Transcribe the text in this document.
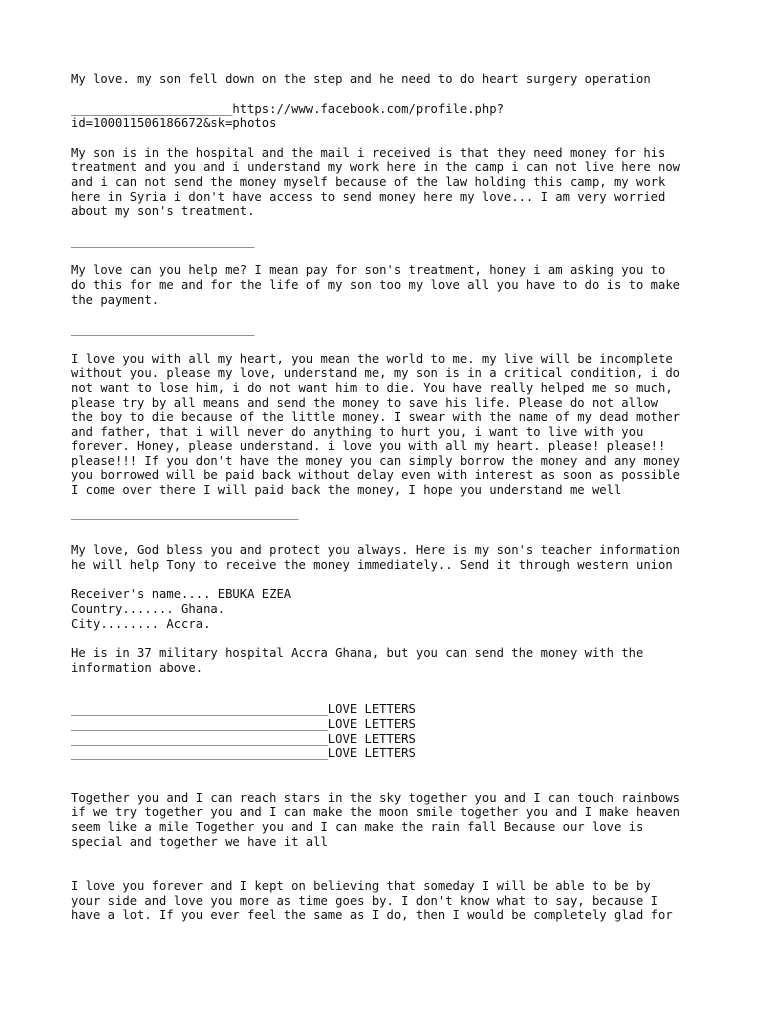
My love. my son fell down on the step and he need to do heart surgery operation

______________________https://www.facebook.com/profile.php?
id=100011506186672&sk=photos

My son is in the hospital and the mail i received is that they need money for his
treatment and you and i understand my work here in the camp i can not live here now
and i can not send the money myself because of the law holding this camp, my work
here in Syria i don't have access to send money here my love... I am very worried
about my son's treatment.

_________________________

My love can you help me? I mean pay for son's treatment, honey i am asking you to
do this for me and for the life of my son too my love all you have to do is to make
the payment.

_________________________

I love you with all my heart, you mean the world to me. my live will be incomplete
without you. please my love, understand me, my son is in a critical condition, i do
not want to lose him, i do not want him to die. You have really helped me so much,
please try by all means and send the money to save his life. Please do not allow
the boy to die because of the little money. I swear with the name of my dead mother
and father, that i will never do anything to hurt you, i want to live with you
forever. Honey, please understand. i love you with all my heart. please! please!!
please!!! If you don't have the money you can simply borrow the money and any money
you borrowed will be paid back without delay even with interest as soon as possible
I come over there I will paid back the money, I hope you understand me well

_______________________________

My love, God bless you and protect you always. Here is my son's teacher information
he will help Tony to receive the money immediately.. Send it through western union

Receiver's name.... EBUKA EZEA
Country....... Ghana.
City........ Accra.

He is in 37 military hospital Accra Ghana, but you can send the money with the
information above.

___________________________________LOVE LETTERS

___________________________________LOVE LETTERS

___________________________________LOVE LETTERS

___________________________________LOVE LETTERS

Together you and I can reach stars in the sky together you and I can touch rainbows
if we try together you and I can make the moon smile together you and I make heaven
seem like a mile Together you and I can make the rain fall Because our love is
special and together we have it all

I love you forever and I kept on believing that someday I will be able to be by
your side and love you more as time goes by. I don't know what to say, because I
have a lot. If you ever feel the same as I do, then I would be completely glad for
